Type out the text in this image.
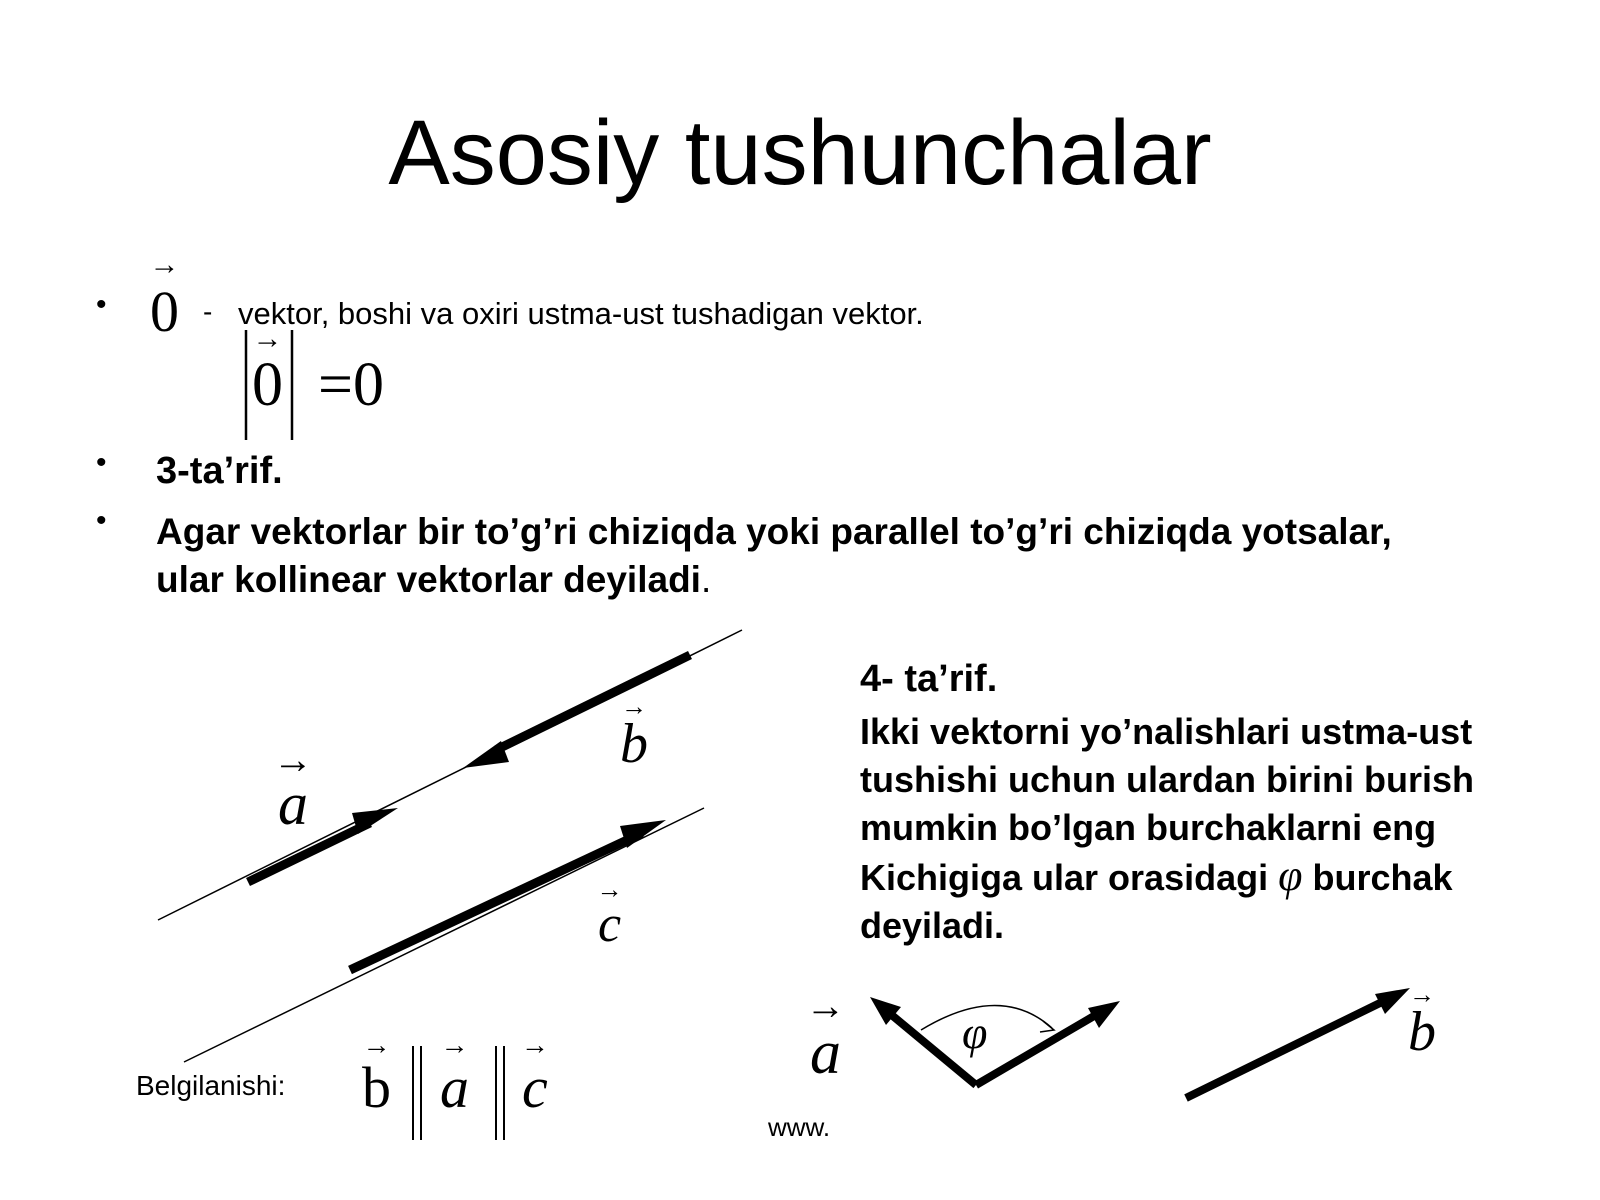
Asosiy tushunchalar
•
→
0 - vektor, boshi va oxiri ustma-ust tushadigan vektor.
→
0 =0
• 3-ta’rif.
• Agar vektorlar bir to’g’ri chiziqda yoki parallel to’g’ri chiziqda yotsalar, ular kollinear vektorlar deyiladi.
4- ta’rif.
Ikki vektorni yo’nalishlari ustma-ust tushishi uchun ulardan birini burish mumkin bo’lgan burchaklarni eng Kichigiga ular orasidagi φ burchak deyiladi.
→
b
→
a
→
c
→
a
→
b
φ
Belgilanishi:
→
b
→
a
→
c
www.
